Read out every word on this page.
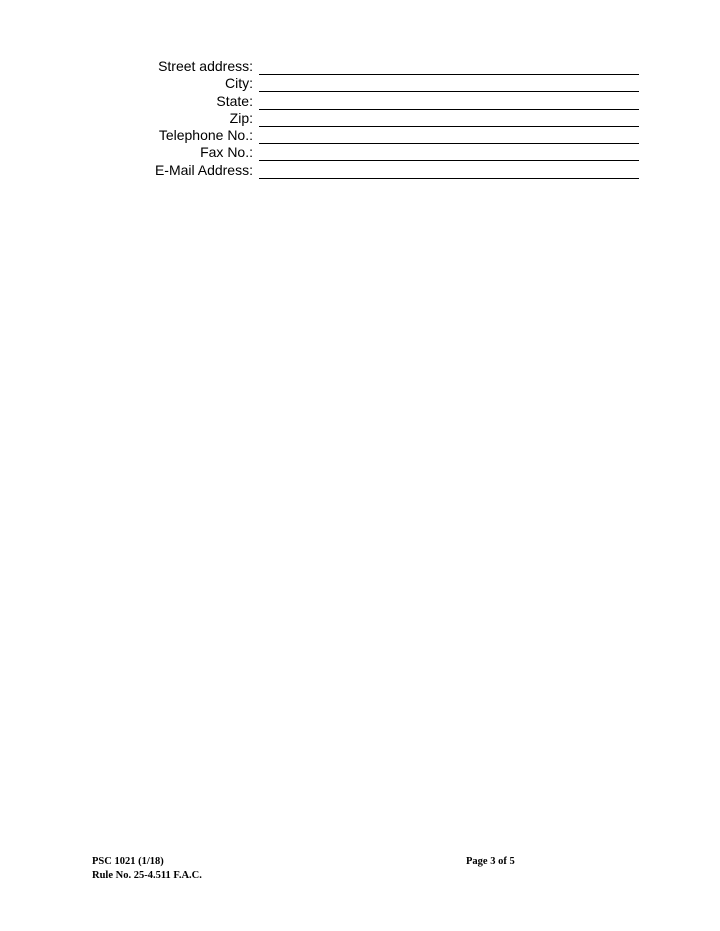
Street address:
City:
State:
Zip:
Telephone No.:
Fax No.:
E-Mail Address:
PSC 1021 (1/18)
Rule No. 25-4.511 F.A.C.
Page 3 of 5
